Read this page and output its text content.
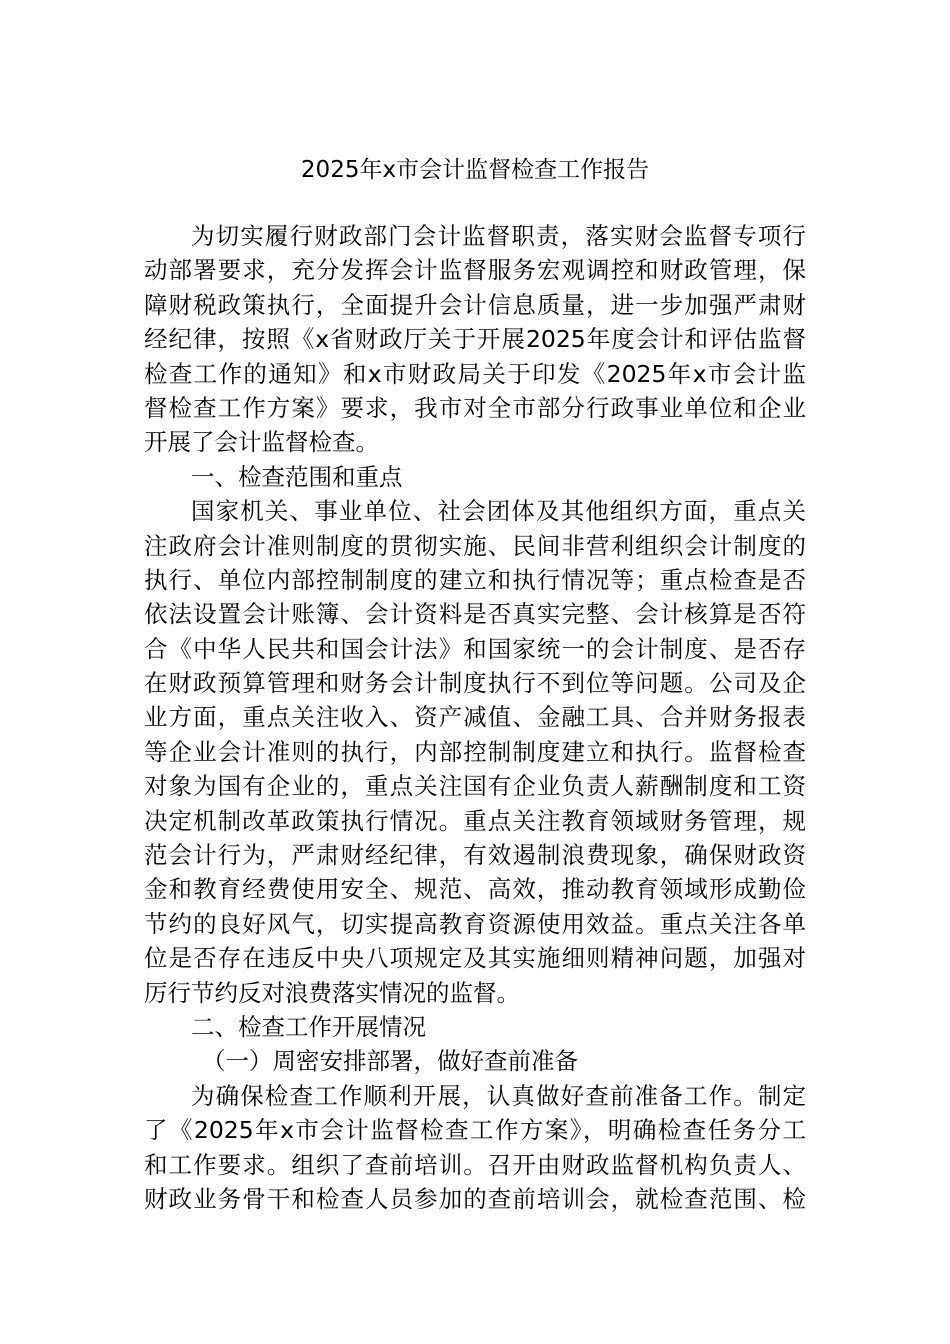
2025年x市会计监督检查工作报告
为切实履行财政部门会计监督职责，落实财会监督专项行
动部署要求，充分发挥会计监督服务宏观调控和财政管理，保
障财税政策执行，全面提升会计信息质量，进一步加强严肃财
经纪律，按照《x省财政厅关于开展2025年度会计和评估监督
检查工作的通知》和x市财政局关于印发《2025年x市会计监
督检查工作方案》要求，我市对全市部分行政事业单位和企业
开展了会计监督检查。
一、检查范围和重点
国家机关、事业单位、社会团体及其他组织方面，重点关
注政府会计准则制度的贯彻实施、民间非营利组织会计制度的
执行、单位内部控制制度的建立和执行情况等；重点检查是否
依法设置会计账簿、会计资料是否真实完整、会计核算是否符
合《中华人民共和国会计法》和国家统一的会计制度、是否存
在财政预算管理和财务会计制度执行不到位等问题。公司及企
业方面，重点关注收入、资产减值、金融工具、合并财务报表
等企业会计准则的执行，内部控制制度建立和执行。监督检查
对象为国有企业的，重点关注国有企业负责人薪酬制度和工资
决定机制改革政策执行情况。重点关注教育领域财务管理，规
范会计行为，严肃财经纪律，有效遏制浪费现象，确保财政资
金和教育经费使用安全、规范、高效，推动教育领域形成勤俭
节约的良好风气，切实提高教育资源使用效益。重点关注各单
位是否存在违反中央八项规定及其实施细则精神问题，加强对
厉行节约反对浪费落实情况的监督。
二、检查工作开展情况
（一）周密安排部署，做好查前准备
为确保检查工作顺利开展，认真做好查前准备工作。制定
了《2025年x市会计监督检查工作方案》，明确检查任务分工
和工作要求。组织了查前培训。召开由财政监督机构负责人、
财政业务骨干和检查人员参加的查前培训会，就检查范围、检
